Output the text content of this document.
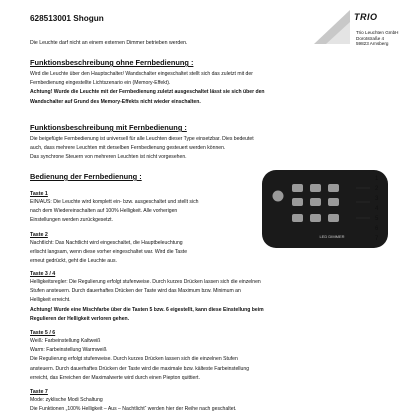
628513001 Shogun	TRIO
Trio Leuchten GmbH
Dorotstraße 4
59823 Arnsberg
Die Leuchte darf nicht an einem externen Dimmer betrieben werden.
Funktionsbeschreibung ohne Fernbedienung :
Wird die Leuchte über den Hauptschalter/ Wandschalter eingeschaltet stellt sich das zuletzt mit der
Fernbedienung eingestellte Lichtszenario ein (Memory-Effekt).
Achtung! Wurde die Leuchte mit der Fernbedienung zuletzt ausgeschaltet lässt sie sich über den
Wandschalter auf Grund des Memory-Effekts nicht wieder einschalten.
Funktionsbeschreibung mit Fernbedienung :
Die beigefügte Fernbedienung ist universell für alle Leuchten dieser Type einsetzbar. Dies bedeutet
auch, dass mehrere Leuchten mit derselben Fernbedienung gesteuert werden können.
Das synchrone Steuern von mehreren Leuchten ist nicht vorgesehen.
Bedienung der Fernbedienung :
Taste 1
EIN/AUS: Die Leuchte wird komplett ein- bzw. ausgeschaltet und stellt sich
nach dem Wiedereinschalten auf 100% Helligkeit. Alle vorherigen
Einstellungen werden zurückgesetzt.
Taste 2
Nachtlicht: Das Nachtlicht wird eingeschaltet, die Hauptbeleuchtung
erlischt langsam, wenn diese vorher eingeschaltet war. Wird die Taste
erneut gedrückt, geht die Leuchte aus.
Taste 3 / 4
Helligkeitsregler: Die Regulierung erfolgt stufenweise. Durch kurzes Drücken lassen sich die einzelnen
Stufen ansteuern. Durch dauerhaftes Drücken der Taste wird das Maximum bzw. Minimum an
Helligkeit erreicht.
Achtung! Wurde eine Mischfarbe über die Tasten 5 bzw. 6 eigestellt, kann diese Einstellung beim
Regulieren der Helligkeit verloren gehen.
Taste 5 / 6
Weiß: Farbeinstellung Kaltweiß
Warm: Farbeinstellung Warmweiß
Die Regulierung erfolgt stufenweise. Durch kurzes Drücken lassen sich die einzelnen Stufen
ansteuern. Durch dauerhaftes Drücken der Taste wird die maximale bzw. kälteste Farbeinstellung
erreicht, das Erreichen der Maximalwerte wird durch einen Piepton quittiert.
Taste 7
Mode: zyklische Modi Schaltung
Die Funktionen „100% Helligkeit – Aus – Nachtlicht“ werden hier der Reihe nach geschaltet.
LED DIMMER
1
2
3
4
5
6
7
